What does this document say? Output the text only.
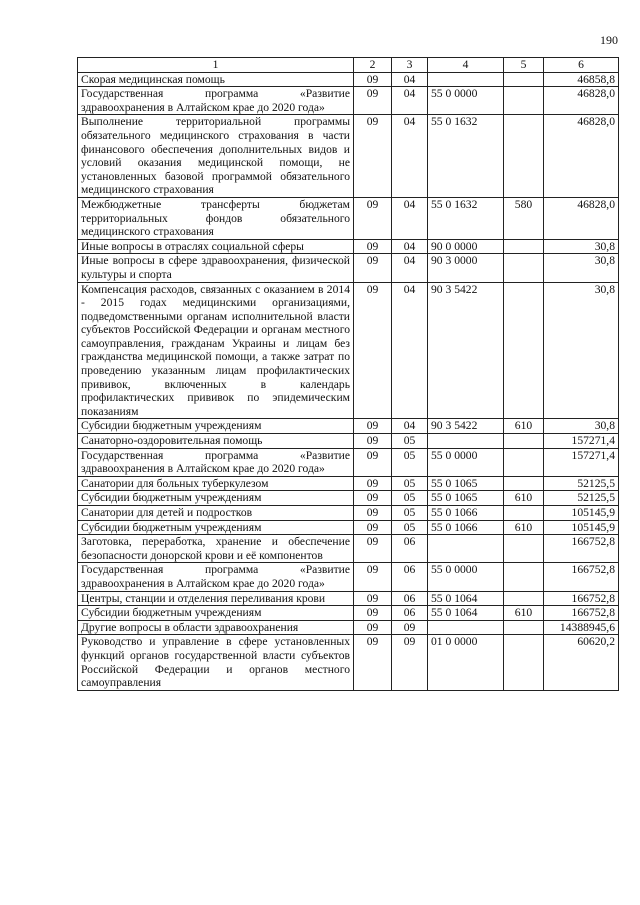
190
1	2	3	4	5	6
Скорая медицинская помощь	09	04			46858,8
Государственная программа «Развитие здравоохранения в Алтайском крае до 2020 года»	09	04	55 0 0000		46828,0
Выполнение территориальной программы обязательного медицинского страхования в части финансового обеспечения дополнительных видов и условий оказания медицинской помощи, не установленных базовой программой обязательного медицинского страхования	09	04	55 0 1632		46828,0
Межбюджетные трансферты бюджетам территориальных фондов обязательного медицинского страхования	09	04	55 0 1632	580	46828,0
Иные вопросы в отраслях социальной сферы	09	04	90 0 0000		30,8
Иные вопросы в сфере здравоохранения, физической культуры и спорта	09	04	90 3 0000		30,8
Компенсация расходов, связанных с оказанием в 2014 - 2015 годах медицинскими организациями, подведомственными органам исполнительной власти субъектов Российской Федерации и органам местного самоуправления, гражданам Украины и лицам без гражданства медицинской помощи, а также затрат по проведению указанным лицам профилактических прививок, включенных в календарь профилактических прививок по эпидемическим показаниям	09	04	90 3 5422		30,8
Субсидии бюджетным учреждениям	09	04	90 3 5422	610	30,8
Санаторно-оздоровительная помощь	09	05			157271,4
Государственная программа «Развитие здравоохранения в Алтайском крае до 2020 года»	09	05	55 0 0000		157271,4
Санатории для больных туберкулезом	09	05	55 0 1065		52125,5
Субсидии бюджетным учреждениям	09	05	55 0 1065	610	52125,5
Санатории для детей и подростков	09	05	55 0 1066		105145,9
Субсидии бюджетным учреждениям	09	05	55 0 1066	610	105145,9
Заготовка, переработка, хранение и обеспечение безопасности донорской крови и её компонентов	09	06			166752,8
Государственная программа «Развитие здравоохранения в Алтайском крае до 2020 года»	09	06	55 0 0000		166752,8
Центры, станции и отделения переливания крови	09	06	55 0 1064		166752,8
Субсидии бюджетным учреждениям	09	06	55 0 1064	610	166752,8
Другие вопросы в области здравоохранения	09	09			14388945,6
Руководство и управление в сфере установленных функций органов государственной власти субъектов Российской Федерации и органов местного самоуправления	09	09	01 0 0000		60620,2
